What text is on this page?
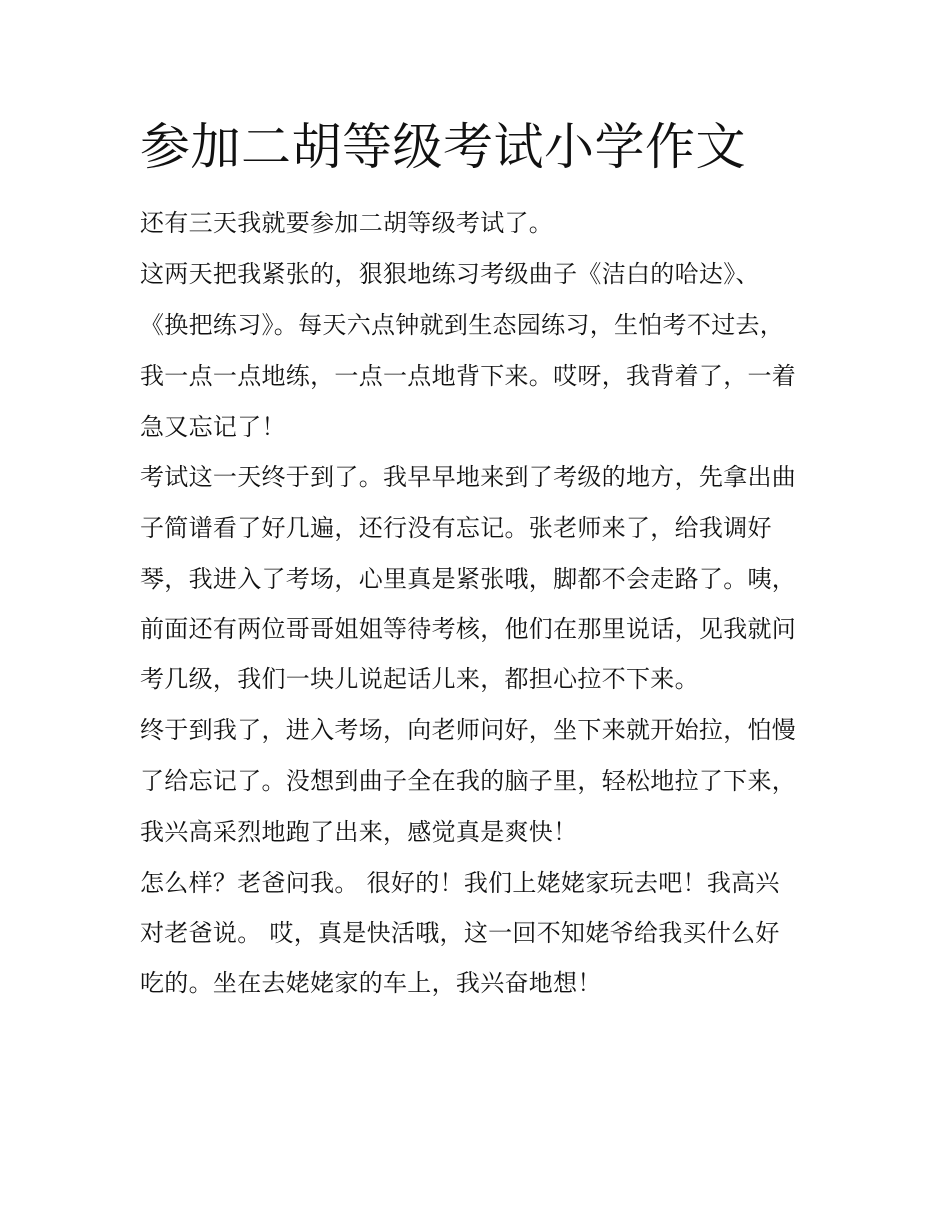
参加二胡等级考试小学作文

还有三天我就要参加二胡等级考试了。

这两天把我紧张的，狠狠地练习考级曲子《洁白的哈达》、

《换把练习》。每天六点钟就到生态园练习，生怕考不过去，

我一点一点地练，一点一点地背下来。哎呀，我背着了，一着

急又忘记了！

考试这一天终于到了。我早早地来到了考级的地方，先拿出曲

子简谱看了好几遍，还行没有忘记。张老师来了，给我调好

琴，我进入了考场，心里真是紧张哦，脚都不会走路了。咦，

前面还有两位哥哥姐姐等待考核，他们在那里说话，见我就问

考几级，我们一块儿说起话儿来，都担心拉不下来。

终于到我了，进入考场，向老师问好，坐下来就开始拉，怕慢

了给忘记了。没想到曲子全在我的脑子里，轻松地拉了下来，

我兴高采烈地跑了出来，感觉真是爽快！

怎么样？老爸问我。 很好的！我们上姥姥家玩去吧！我高兴

对老爸说。 哎，真是快活哦，这一回不知姥爷给我买什么好

吃的。坐在去姥姥家的车上，我兴奋地想！
